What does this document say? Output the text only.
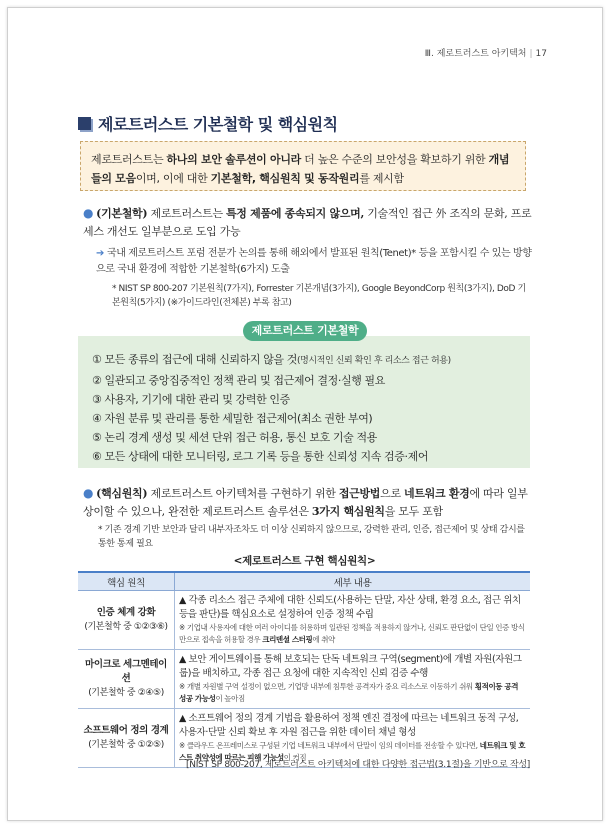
Ⅲ. 제로트러스트 아키텍처 | 17
제로트러스트 기본철학 및 핵심원칙
제로트러스트는 하나의 보안 솔루션이 아니라 더 높은 수준의 보안성을 확보하기 위한 개념들의 모음이며, 이에 대한 기본철학, 핵심원칙 및 동작원리를 제시함
● (기본철학) 제로트러스트는 특정 제품에 종속되지 않으며, 기술적인 접근 外 조직의 문화, 프로세스 개선도 일부분으로 도입 가능
➔ 국내 제로트러스트 포럼 전문가 논의를 통해 해외에서 발표된 원칙(Tenet)* 등을 포함시킬 수 있는 방향으로 국내 환경에 적합한 기본철학(6가지) 도출
* NIST SP 800-207 기본원칙(7가지), Forrester 기본개념(3가지), Google BeyondCorp 원칙(3가지), DoD 기본원칙(5가지) (※가이드라인(전체본) 부록 참고)
제로트러스트 기본철학
① 모든 종류의 접근에 대해 신뢰하지 않을 것(명시적인 신뢰 확인 후 리소스 접근 허용)
② 일관되고 중앙집중적인 정책 관리 및 접근제어 결정·실행 필요
③ 사용자, 기기에 대한 관리 및 강력한 인증
④ 자원 분류 및 관리를 통한 세밀한 접근제어(최소 권한 부여)
⑤ 논리 경계 생성 및 세션 단위 접근 허용, 통신 보호 기술 적용
⑥ 모든 상태에 대한 모니터링, 로그 기록 등을 통한 신뢰성 지속 검증·제어
● (핵심원칙) 제로트러스트 아키텍처를 구현하기 위한 접근방법으로 네트워크 환경에 따라 일부 상이할 수 있으나, 완전한 제로트러스트 솔루션은 3가지 핵심원칙을 모두 포함
* 기존 경계 기반 보안과 달리 내부자조차도 더 이상 신뢰하지 않으므로, 강력한 관리, 인증, 접근제어 및 상태 감시를 통한 통제 필요
<제로트러스트 구현 핵심원칙>
핵심 원칙	세부 내용

인증 체계 강화
(기본철학 중 ①②③⑥)	▲ 각종 리소스 접근 주체에 대한 신뢰도(사용하는 단말, 자산 상태, 환경 요소, 접근 위치 등을 판단)를 핵심요소로 설정하여 인증 정책 수립
※ 기업내 사용자에 대한 여러 아이디를 허용하며 일관된 정책을 적용하지 않거나, 신뢰도 판단없이 단일 인증 방식만으로 접속을 허용할 경우 크리덴셜 스터핑에 취약

마이크로 세그멘테이션
(기본철학 중 ②④⑤)	▲ 보안 게이트웨이를 통해 보호되는 단독 네트워크 구역(segment)에 개별 자원(자원그룹)을 배치하고, 각종 접근 요청에 대한 지속적인 신뢰 검증 수행
※ 개별 자원별 구역 설정이 없으면, 기업망 내부에 침투한 공격자가 중요 리소스로 이동하기 쉬워 횡적이동 공격 성공 가능성이 높아짐

소프트웨어 정의 경계
(기본철학 중 ①②⑤)	▲ 소프트웨어 정의 경계 기법을 활용하여 정책 엔진 결정에 따르는 네트워크 동적 구성, 사용자·단말 신뢰 확보 후 자원 접근을 위한 데이터 채널 형성
※ 클라우드 온프레미스로 구성된 기업 네트워크 내부에서 단말이 임의 데이터를 전송할 수 있다면, 네트워크 및 호스트 취약성에 따르는 피해 가능성이 커짐
[NIST SP 800-207, 제로트러스트 아키텍처에 대한 다양한 접근법(3.1절)을 기반으로 작성]
